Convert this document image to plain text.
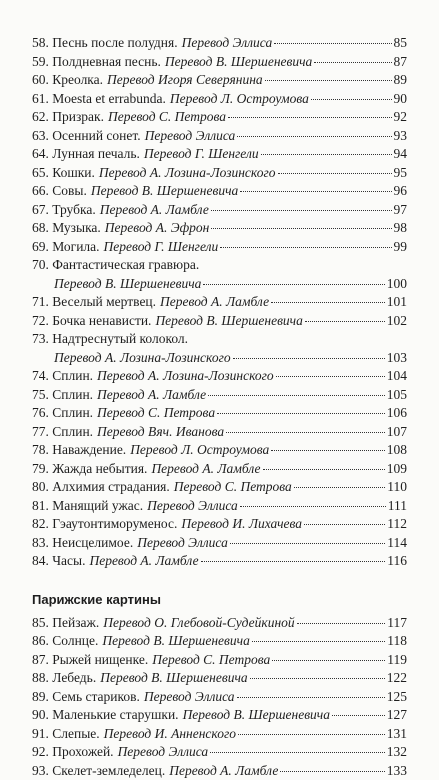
58.
Песнь после полудня. Перевод Эллиса	85
59.
Полдневная песнь. Перевод В. Шершеневича	87
60.
Креолка. Перевод Игоря Северянина	89
61.
Moesta et errabunda. Перевод Л. Остроумова	90
62.
Призрак. Перевод С. Петрова	92
63.
Осенний сонет. Перевод Эллиса	93
64.
Лунная печаль. Перевод Г. Шенгели	94
65.
Кошки. Перевод А. Лозина-Лозинского	95
66.
Совы. Перевод В. Шершеневича	96
67.
Трубка. Перевод А. Ламбле	97
68.
Музыка. Перевод А. Эфрон	98
69.
Могила. Перевод Г. Шенгели	99
70.
Фантастическая гравюра.
Перевод В. Шершеневича	100
71.
Веселый мертвец. Перевод А. Ламбле	101
72.
Бочка ненависти. Перевод В. Шершеневича	102
73.
Надтреснутый колокол.
Перевод А. Лозина-Лозинского	103
74.
Сплин. Перевод А. Лозина-Лозинского	104
75.
Сплин. Перевод А. Ламбле	105
76.
Сплин. Перевод С. Петрова	106
77.
Сплин. Перевод Вяч. Иванова	107
78.
Наваждение. Перевод Л. Остроумова	108
79.
Жажда небытия. Перевод А. Ламбле	109
80.
Алхимия страдания. Перевод С. Петрова	110
81.
Манящий ужас. Перевод Эллиса	111
82.
Гэаутонтиморуменос. Перевод И. Лихачева	112
83.
Неисцелимое. Перевод Эллиса	114
84.
Часы. Перевод А. Ламбле	116
Парижские картины
85.
Пейзаж. Перевод О. Глебовой-Судейкиной	117
86.
Солнце. Перевод В. Шершеневича	118
87.
Рыжей нищенке. Перевод С. Петрова	119
88.
Лебедь. Перевод В. Шершеневича	122
89.
Семь стариков. Перевод Эллиса	125
90.
Маленькие старушки. Перевод В. Шершеневича	127
91.
Слепые. Перевод И. Анненского	131
92.
Прохожей. Перевод Эллиса	132
93.
Скелет-земледелец. Перевод А. Ламбле	133
